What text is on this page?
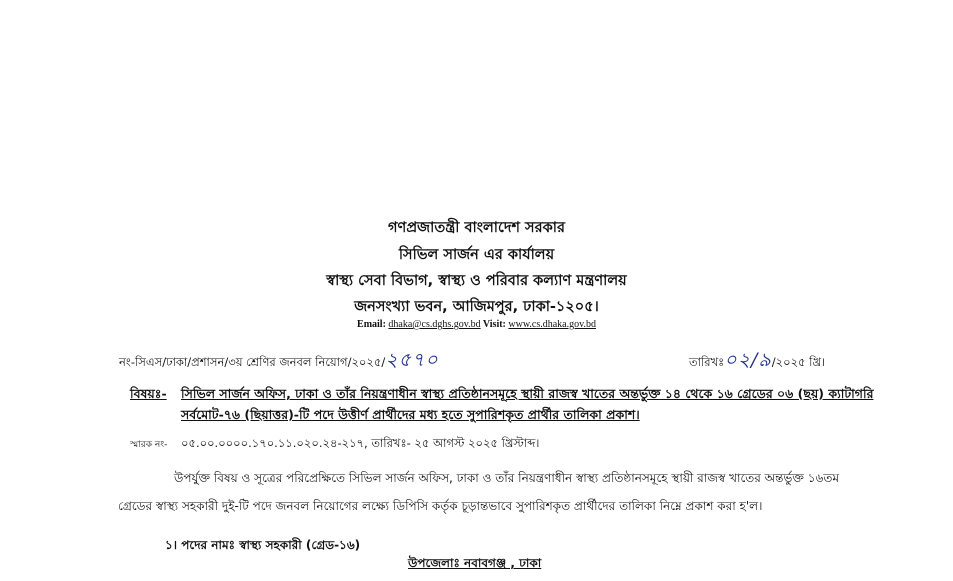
গণপ্রজাতন্ত্রী বাংলাদেশ সরকার
সিভিল সার্জন এর কার্যালয়
স্বাস্থ্য সেবা বিভাগ, স্বাস্থ্য ও পরিবার কল্যাণ মন্ত্রণালয়
জনসংখ্যা ভবন, আজিমপুর, ঢাকা-১২০৫।
Email: dhaka@cs.dghs.gov.bd Visit: www.cs.dhaka.gov.bd
নং-সিএস/ঢাকা/প্রশাসন/৩য় শ্রেণির জনবল নিয়োগ/২০২৫/২৫৭০	তারিখঃ০২/৯/২০২৫ খ্রি।
বিষয়ঃ- সিভিল সার্জন অফিস, ঢাকা ও তাঁর নিয়ন্ত্রণাধীন স্বাস্থ্য প্রতিষ্ঠানসমূহে স্থায়ী রাজস্ব খাতের অন্তর্ভুক্ত ১৪ থেকে ১৬ গ্রেডের ০৬ (ছয়) ক্যাটাগরি
সর্বমোট-৭৬ (ছিয়াত্তর)-টি পদে উত্তীর্ণ প্রার্থীদের মধ্য হতে সুপারিশকৃত প্রার্থীর তালিকা প্রকাশ।
স্মারক নং- ০৫.০০.০০০০.১৭০.১১.০২০.২৪-২১৭, তারিখঃ- ২৫ আগস্ট ২০২৫ খ্রিস্টাব্দ।
উপর্যুক্ত বিষয় ও সূত্রের পরিপ্রেক্ষিতে সিভিল সার্জন অফিস, ঢাকা ও তাঁর নিয়ন্ত্রণাধীন স্বাস্থ্য প্রতিষ্ঠানসমূহে স্থায়ী রাজস্ব খাতের অন্তর্ভুক্ত ১৬তম
গ্রেডের স্বাস্থ্য সহকারী দুই-টি পদে জনবল নিয়োগের লক্ষ্যে ডিপিসি কর্তৃক চূড়ান্তভাবে সুপারিশকৃত প্রার্থীদের তালিকা নিম্নে প্রকাশ করা হ'ল।
১। পদের নামঃ স্বাস্থ্য সহকারী (গ্রেড-১৬)
উপজেলাঃ নবাবগঞ্জ , ঢাকা
